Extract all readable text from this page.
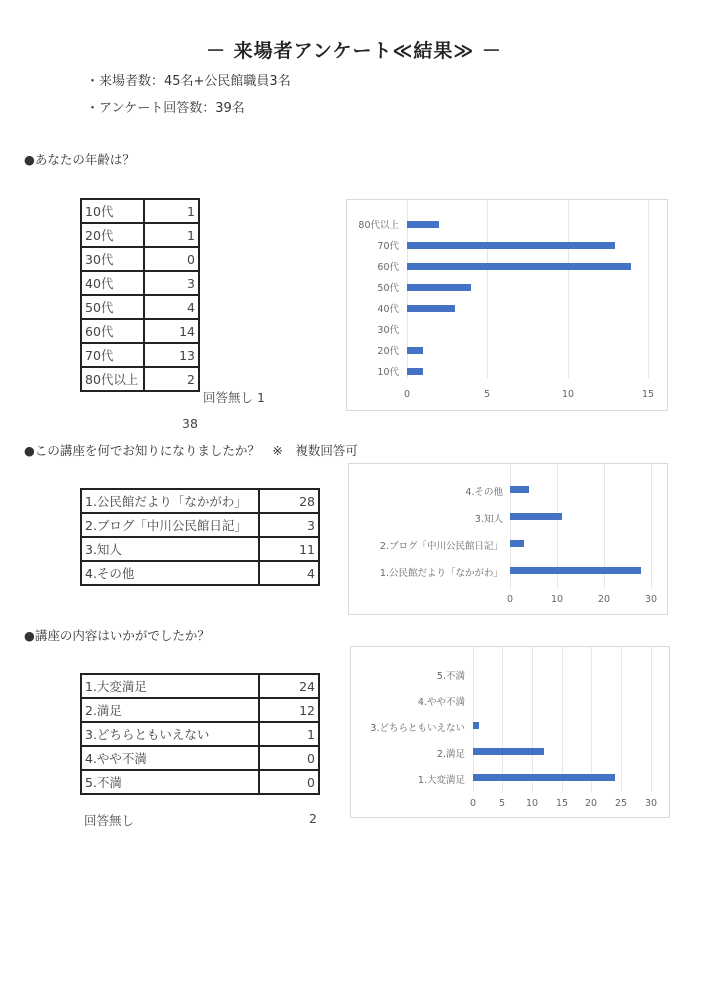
－ 来場者アンケート≪結果≫ －
・来場者数：45名+公民館職員3名
・アンケート回答数：39名
●あなたの年齢は？
10代	1
20代	1
30代	0
40代	3
50代	4
60代	14
70代	13
80代以上	2
回答無し 1
38
80代以上
70代
60代
50代
40代
30代
20代
10代
0	5	10	15
●この講座を何でお知りになりましたか？　※　複数回答可
1.公民館だより「なかがわ」	28
2.ブログ「中川公民館日記」	3
3.知人	11
4.その他	4
4.その他
3.知人
2.ブログ「中川公民館日記」
1.公民館だより「なかがわ」
0	10	20	30
●講座の内容はいかがでしたか？
1.大変満足	24
2.満足	12
3.どちらともいえない	1
4.やや不満	0
5.不満	0
回答無し	2
5.不満
4.やや不満
3.どちらともいえない
2.満足
1.大変満足
0	5	10	15	20	25	30
